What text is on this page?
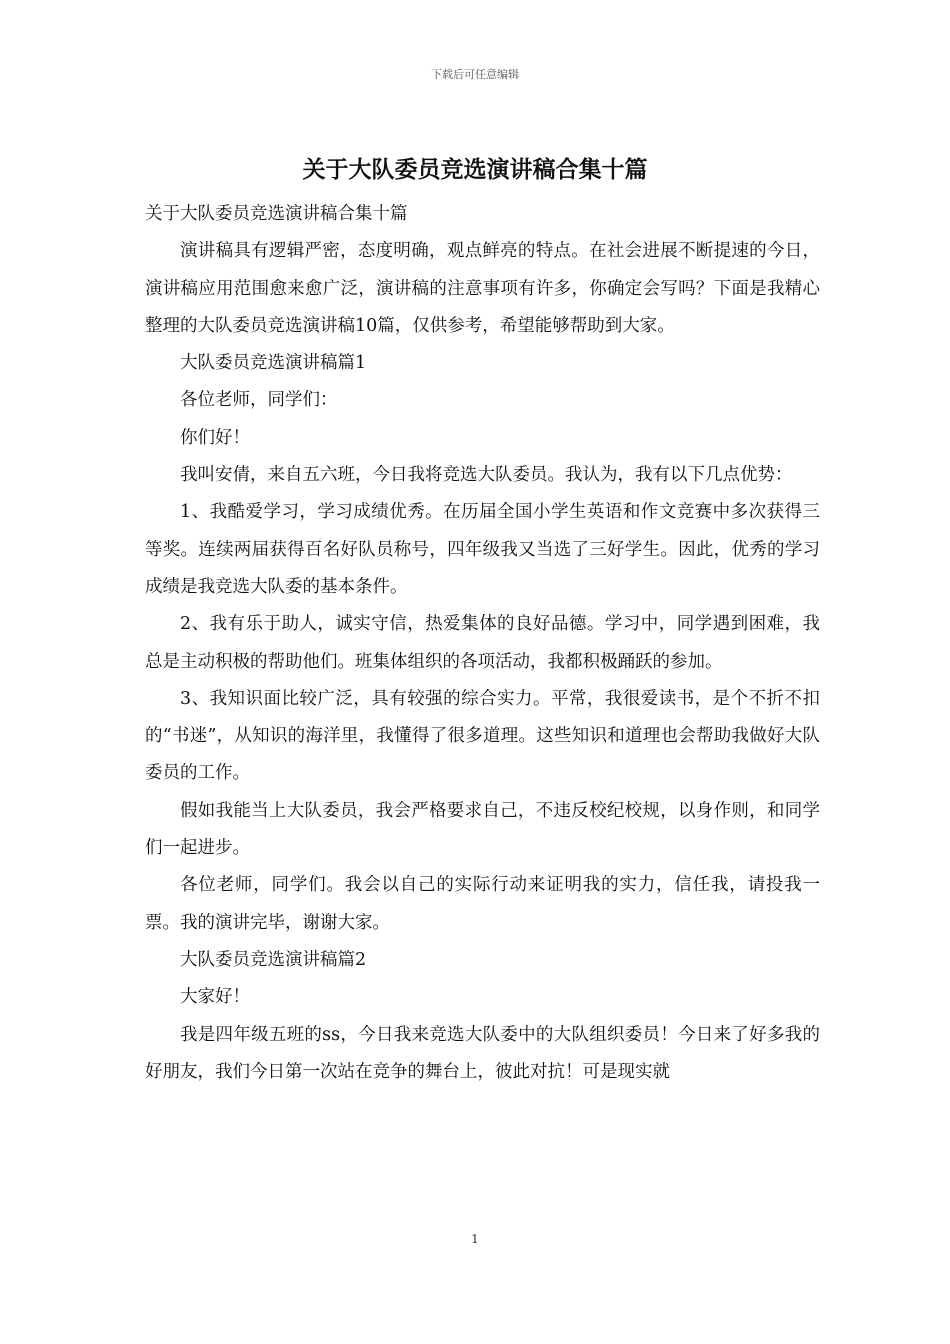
下载后可任意编辑
关于大队委员竞选演讲稿合集十篇

关于大队委员竞选演讲稿合集十篇

演讲稿具有逻辑严密，态度明确，观点鲜亮的特点。在社会进展不断提速的今日，演讲稿应用范围愈来愈广泛，演讲稿的注意事项有许多，你确定会写吗？下面是我精心整理的大队委员竞选演讲稿10篇，仅供参考，希望能够帮助到大家。

大队委员竞选演讲稿篇1

各位老师，同学们：

你们好！

我叫安倩，来自五六班，今日我将竞选大队委员。我认为，我有以下几点优势：

1、我酷爱学习，学习成绩优秀。在历届全国小学生英语和作文竞赛中多次获得三等奖。连续两届获得百名好队员称号，四年级我又当选了三好学生。因此，优秀的学习成绩是我竞选大队委的基本条件。

2、我有乐于助人，诚实守信，热爱集体的良好品德。学习中，同学遇到困难，我总是主动积极的帮助他们。班集体组织的各项活动，我都积极踊跃的参加。

3、我知识面比较广泛，具有较强的综合实力。平常，我很爱读书，是个不折不扣的“书迷”，从知识的海洋里，我懂得了很多道理。这些知识和道理也会帮助我做好大队委员的工作。

假如我能当上大队委员，我会严格要求自己，不违反校纪校规，以身作则，和同学们一起进步。

各位老师，同学们。我会以自己的实际行动来证明我的实力，信任我，请投我一票。我的演讲完毕，谢谢大家。

大队委员竞选演讲稿篇2

大家好！

我是四年级五班的ss，今日我来竞选大队委中的大队组织委员！今日来了好多我的好朋友，我们今日第一次站在竞争的舞台上，彼此对抗！可是现实就

1
